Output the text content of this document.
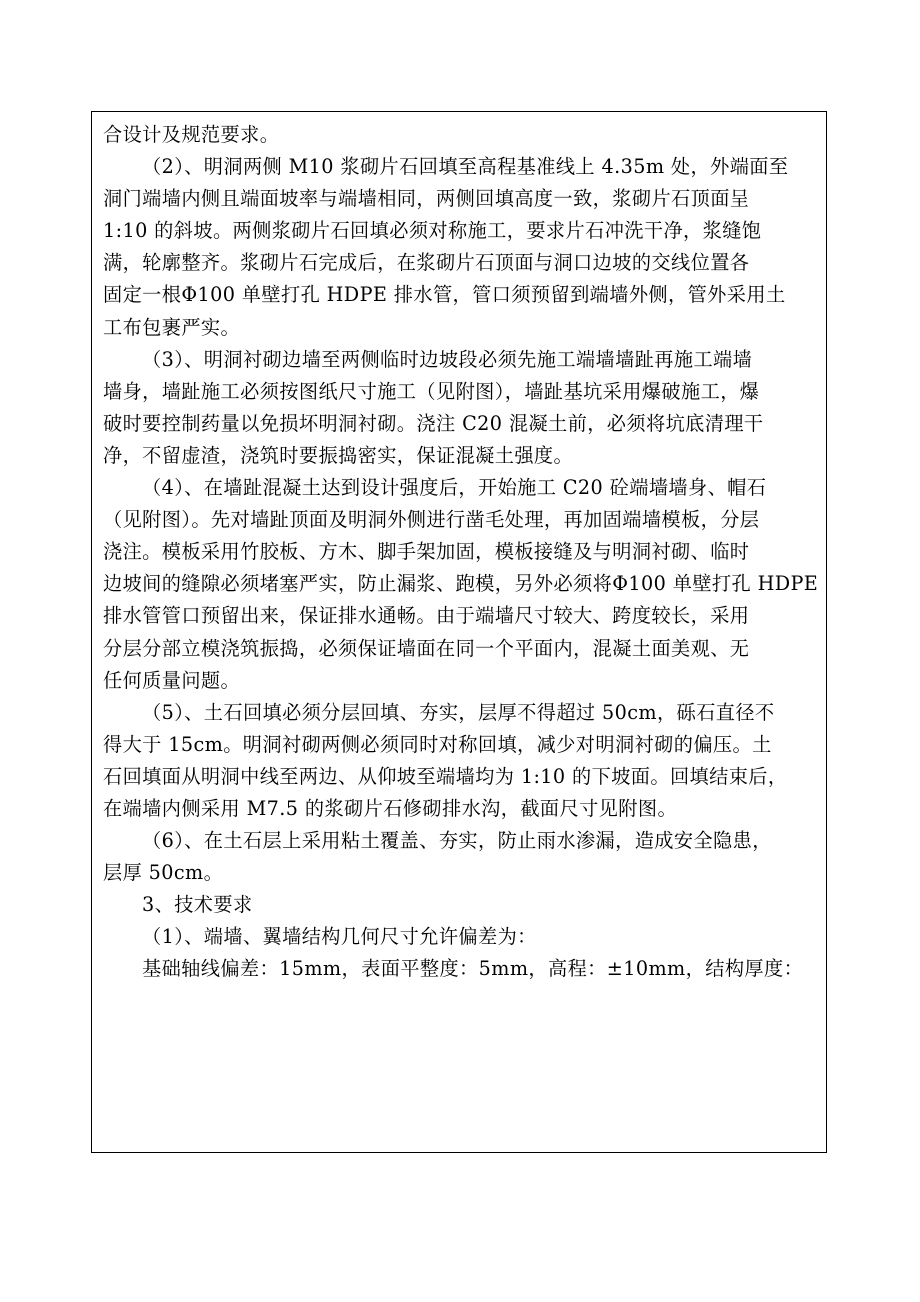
合设计及规范要求。
（2）、明洞两侧 M10 浆砌片石回填至高程基准线上 4.35m 处，外端面至
洞门端墙内侧且端面坡率与端墙相同，两侧回填高度一致，浆砌片石顶面呈
1:10 的斜坡。两侧浆砌片石回填必须对称施工，要求片石冲洗干净，浆缝饱
满，轮廓整齐。浆砌片石完成后，在浆砌片石顶面与洞口边坡的交线位置各
固定一根Φ100 单壁打孔 HDPE 排水管，管口须预留到端墙外侧，管外采用土
工布包裹严实。
（3）、明洞衬砌边墙至两侧临时边坡段必须先施工端墙墙趾再施工端墙
墙身，墙趾施工必须按图纸尺寸施工（见附图），墙趾基坑采用爆破施工，爆
破时要控制药量以免损坏明洞衬砌。浇注 C20 混凝土前，必须将坑底清理干
净，不留虚渣，浇筑时要振捣密实，保证混凝土强度。
（4）、在墙趾混凝土达到设计强度后，开始施工 C20 砼端墙墙身、帽石
（见附图）。先对墙趾顶面及明洞外侧进行凿毛处理，再加固端墙模板，分层
浇注。模板采用竹胶板、方木、脚手架加固，模板接缝及与明洞衬砌、临时
边坡间的缝隙必须堵塞严实，防止漏浆、跑模，另外必须将Φ100 单壁打孔 HDPE
排水管管口预留出来，保证排水通畅。由于端墙尺寸较大、跨度较长，采用
分层分部立模浇筑振捣，必须保证墙面在同一个平面内，混凝土面美观、无
任何质量问题。
（5）、土石回填必须分层回填、夯实，层厚不得超过 50cm，砾石直径不
得大于 15cm。明洞衬砌两侧必须同时对称回填，减少对明洞衬砌的偏压。土
石回填面从明洞中线至两边、从仰坡至端墙均为 1:10 的下坡面。回填结束后，
在端墙内侧采用 M7.5 的浆砌片石修砌排水沟，截面尺寸见附图。
（6）、在土石层上采用粘土覆盖、夯实，防止雨水渗漏，造成安全隐患，
层厚 50cm。
3、技术要求
（1）、端墙、翼墙结构几何尺寸允许偏差为：
基础轴线偏差：15mm，表面平整度：5mm，高程：±10mm，结构厚度：
